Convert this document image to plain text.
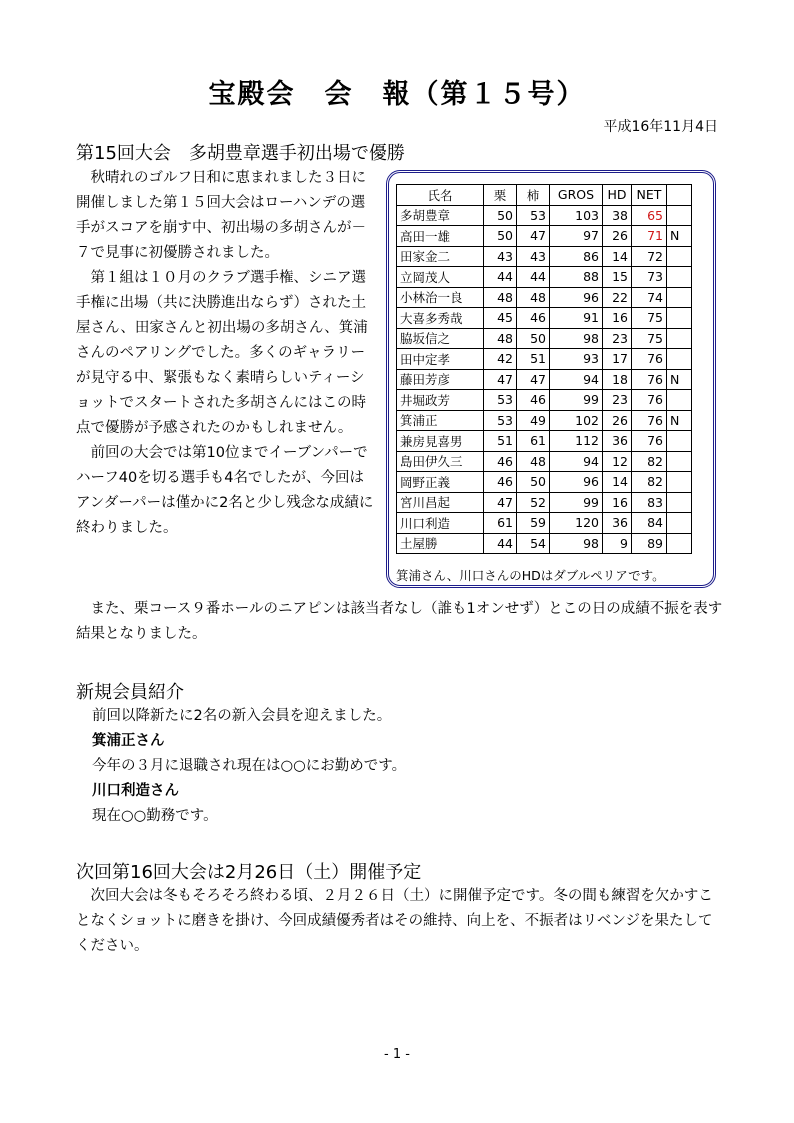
宝殿会　会　報（第１５号）
平成16年11月4日
第15回大会　多胡豊章選手初出場で優勝

秋晴れのゴルフ日和に恵まれました３日に開催しました第１５回大会はローハンデの選手がスコアを崩す中、初出場の多胡さんが－７で見事に初優勝されました。

第１組は１０月のクラブ選手権、シニア選手権に出場（共に決勝進出ならず）された土屋さん、田家さんと初出場の多胡さん、箕浦さんのペアリングでした。多くのギャラリーが見守る中、緊張もなく素晴らしいティーショットでスタートされた多胡さんにはこの時点で優勝が予感されたのかもしれません。

前回の大会では第10位までイーブンパーでハーフ40を切る選手も4名でしたが、今回はアンダーパーは僅かに2名と少し残念な成績に終わりました。

氏名	栗	柿	GROS	HD	NET	
多胡豊章	50	53	103	38	65	
高田一雄	50	47	97	26	71	N
田家金二	43	43	86	14	72	
立岡茂人	44	44	88	15	73	
小林治一良	48	48	96	22	74	
大喜多秀哉	45	46	91	16	75	
脇坂信之	48	50	98	23	75	
田中定孝	42	51	93	17	76	
藤田芳彦	47	47	94	18	76	N
井堀政芳	53	46	99	23	76	
箕浦正	53	49	102	26	76	N
兼房見喜男	51	61	112	36	76	
島田伊久三	46	48	94	12	82	
岡野正義	46	50	96	14	82	
宮川昌起	47	52	99	16	83	
川口利造	61	59	120	36	84	
土屋勝	44	54	98	9	89	
箕浦さん、川口さんのHDはダブルペリアです。

また、栗コース９番ホールのニアピンは該当者なし（誰も1オンせず）とこの日の成績不振を表す結果となりました。

新規会員紹介

前回以降新たに2名の新入会員を迎えました。

箕浦正さん

今年の３月に退職され現在は○○にお勤めです。

川口利造さん

現在○○勤務です。

次回第16回大会は2月26日（土）開催予定

次回大会は冬もそろそろ終わる頃、２月２６日（土）に開催予定です。冬の間も練習を欠かすことなくショットに磨きを掛け、今回成績優秀者はその維持、向上を、不振者はリベンジを果たしてください。

- 1 -
